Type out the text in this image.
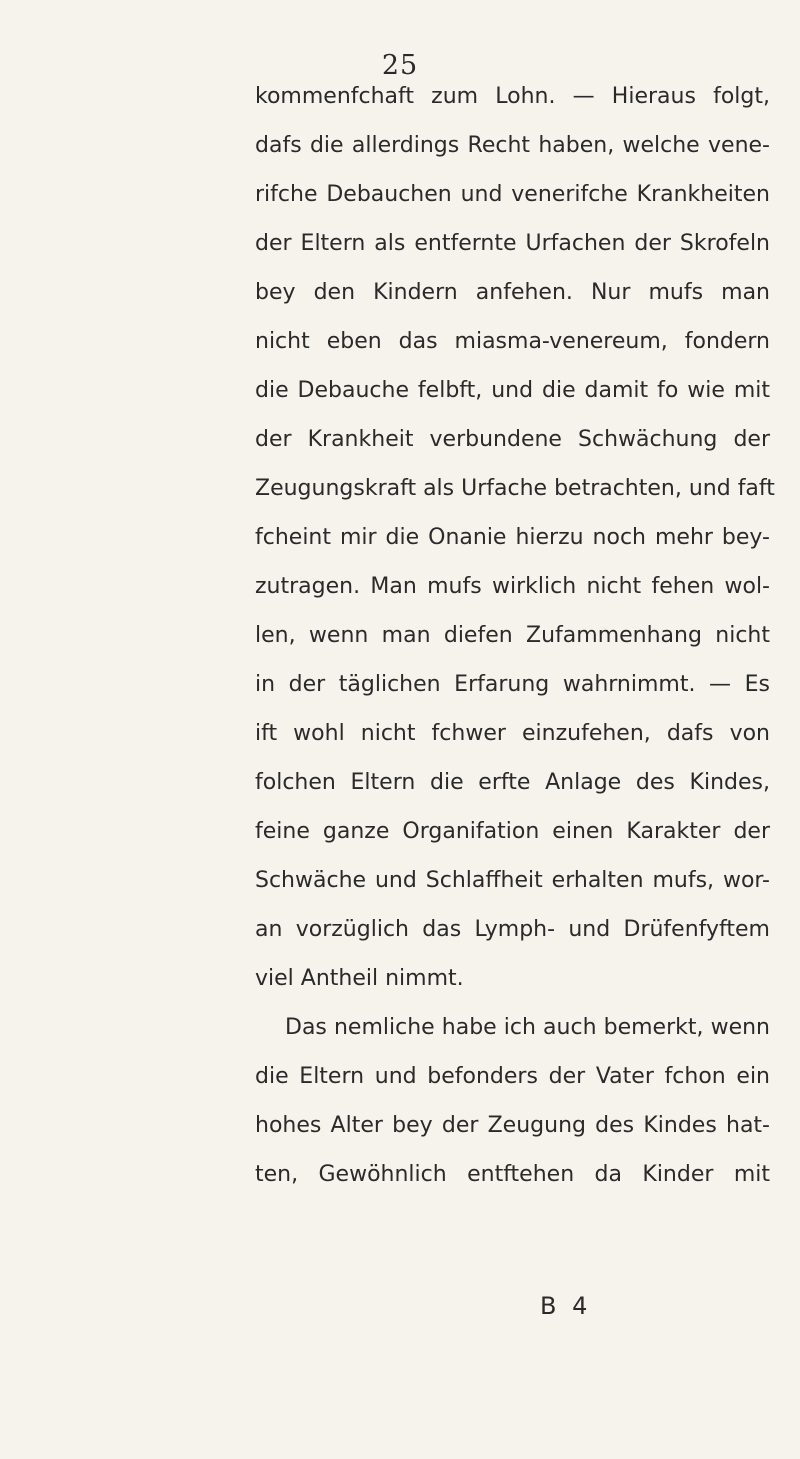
25
kommenfchaft zum Lohn. — Hieraus folgt,
dafs die allerdings Recht haben, welche vene-
rifche Debauchen und venerifche Krankheiten
der Eltern als entfernte Urfachen der Skrofeln
bey den Kindern anfehen. Nur mufs man
nicht eben das miasma-venereum, fondern
die Debauche felbft, und die damit fo wie mit
der Krankheit verbundene Schwächung der
Zeugungskraft als Urfache betrachten, und faft
fcheint mir die Onanie hierzu noch mehr bey-
zutragen. Man mufs wirklich nicht fehen wol-
len, wenn man diefen Zufammenhang nicht
in der täglichen Erfarung wahrnimmt. — Es
ift wohl nicht fchwer einzufehen, dafs von
folchen Eltern die erfte Anlage des Kindes,
feine ganze Organifation einen Karakter der
Schwäche und Schlaffheit erhalten mufs, wor-
an vorzüglich das Lymph- und Drüfenfyftem
viel Antheil nimmt.
Das nemliche habe ich auch bemerkt, wenn
die Eltern und befonders der Vater fchon ein
hohes Alter bey der Zeugung des Kindes hat-
ten, Gewöhnlich entftehen da Kinder mit
B 4
